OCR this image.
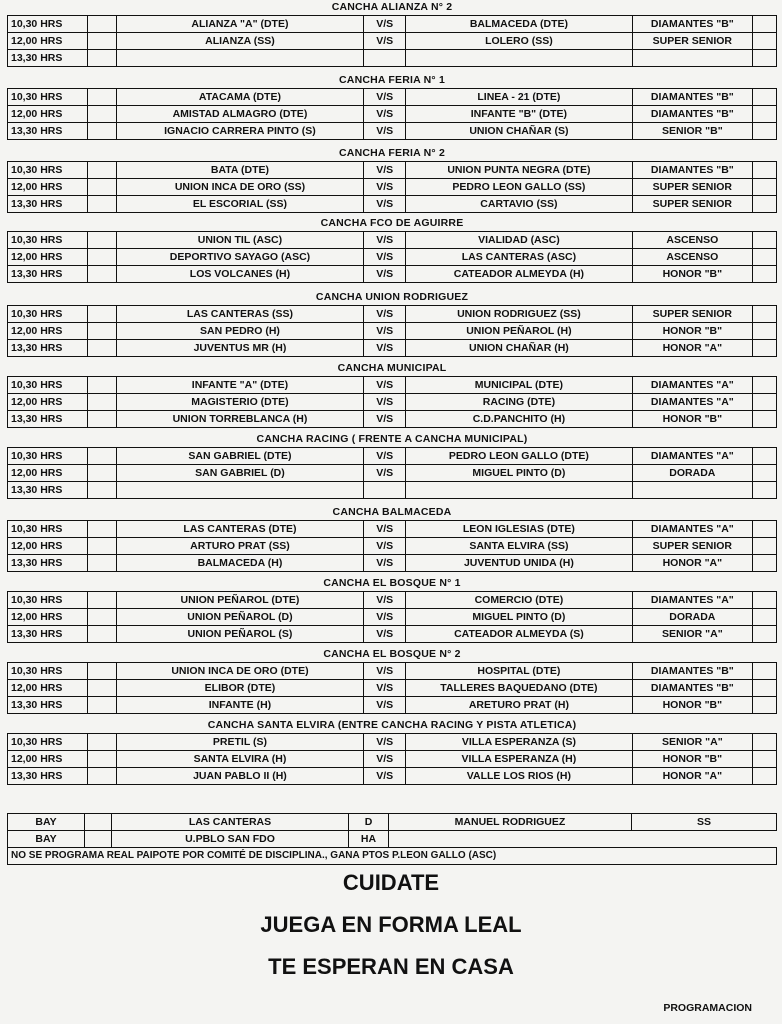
CANCHA ALIANZA N° 2
10,30 HRS		ALIANZA "A" (DTE)	V/S	BALMACEDA (DTE)	DIAMANTES "B"	
12,00 HRS		ALIANZA (SS)	V/S	LOLERO (SS)	SUPER SENIOR	
13,30 HRS						
CANCHA FERIA N° 1
10,30 HRS		ATACAMA (DTE)	V/S	LINEA - 21 (DTE)	DIAMANTES "B"	
12,00 HRS		AMISTAD ALMAGRO (DTE)	V/S	INFANTE "B" (DTE)	DIAMANTES "B"	
13,30 HRS		IGNACIO CARRERA PINTO (S)	V/S	UNION CHAÑAR (S)	SENIOR "B"	
CANCHA FERIA N° 2
10,30 HRS		BATA (DTE)	V/S	UNION PUNTA NEGRA (DTE)	DIAMANTES "B"	
12,00 HRS		UNION INCA DE ORO (SS)	V/S	PEDRO LEON GALLO (SS)	SUPER SENIOR	
13,30 HRS		EL ESCORIAL (SS)	V/S	CARTAVIO (SS)	SUPER SENIOR	
CANCHA FCO DE AGUIRRE
10,30 HRS		UNION TIL (ASC)	V/S	VIALIDAD (ASC)	ASCENSO	
12,00 HRS		DEPORTIVO SAYAGO (ASC)	V/S	LAS CANTERAS (ASC)	ASCENSO	
13,30 HRS		LOS VOLCANES (H)	V/S	CATEADOR ALMEYDA (H)	HONOR "B"	
CANCHA UNION RODRIGUEZ
10,30 HRS		LAS CANTERAS (SS)	V/S	UNION RODRIGUEZ (SS)	SUPER SENIOR	
12,00 HRS		SAN PEDRO (H)	V/S	UNION PEÑAROL (H)	HONOR "B"	
13,30 HRS		JUVENTUS MR (H)	V/S	UNION CHAÑAR (H)	HONOR "A"	
CANCHA MUNICIPAL
10,30 HRS		INFANTE "A" (DTE)	V/S	MUNICIPAL (DTE)	DIAMANTES "A"	
12,00 HRS		MAGISTERIO (DTE)	V/S	RACING (DTE)	DIAMANTES "A"	
13,30 HRS		UNION TORREBLANCA (H)	V/S	C.D.PANCHITO (H)	HONOR "B"	
CANCHA RACING ( FRENTE A CANCHA MUNICIPAL)
10,30 HRS		SAN GABRIEL (DTE)	V/S	PEDRO LEON GALLO (DTE)	DIAMANTES "A"	
12,00 HRS		SAN GABRIEL (D)	V/S	MIGUEL PINTO (D)	DORADA	
13,30 HRS						
CANCHA BALMACEDA
10,30 HRS		LAS CANTERAS (DTE)	V/S	LEON IGLESIAS (DTE)	DIAMANTES "A"	
12,00 HRS		ARTURO PRAT (SS)	V/S	SANTA ELVIRA (SS)	SUPER SENIOR	
13,30 HRS		BALMACEDA (H)	V/S	JUVENTUD UNIDA (H)	HONOR "A"	
CANCHA EL BOSQUE N° 1
10,30 HRS		UNION PEÑAROL (DTE)	V/S	COMERCIO (DTE)	DIAMANTES "A"	
12,00 HRS		UNION PEÑAROL (D)	V/S	MIGUEL PINTO (D)	DORADA	
13,30 HRS		UNION PEÑAROL (S)	V/S	CATEADOR ALMEYDA (S)	SENIOR "A"	
CANCHA EL BOSQUE N° 2
10,30 HRS		UNION INCA DE ORO (DTE)	V/S	HOSPITAL (DTE)	DIAMANTES "B"	
12,00 HRS		ELIBOR (DTE)	V/S	TALLERES BAQUEDANO (DTE)	DIAMANTES "B"	
13,30 HRS		INFANTE (H)	V/S	ARETURO PRAT (H)	HONOR "B"	
CANCHA SANTA ELVIRA (ENTRE CANCHA RACING Y PISTA ATLETICA)
10,30 HRS		PRETIL (S)	V/S	VILLA ESPERANZA (S)	SENIOR "A"	
12,00 HRS		SANTA ELVIRA (H)	V/S	VILLA ESPERANZA (H)	HONOR "B"	
13,30 HRS		JUAN PABLO II (H)	V/S	VALLE LOS RIOS (H)	HONOR "A"	
BAY		LAS CANTERAS	D	MANUEL RODRIGUEZ	SS
BAY		U.PBLO SAN FDO	HA		
NO SE PROGRAMA REAL PAIPOTE POR COMITÉ DE DISCIPLINA., GANA PTOS P.LEON GALLO (ASC)					
CUIDATE
JUEGA EN FORMA LEAL
TE ESPERAN EN CASA
PROGRAMACION
